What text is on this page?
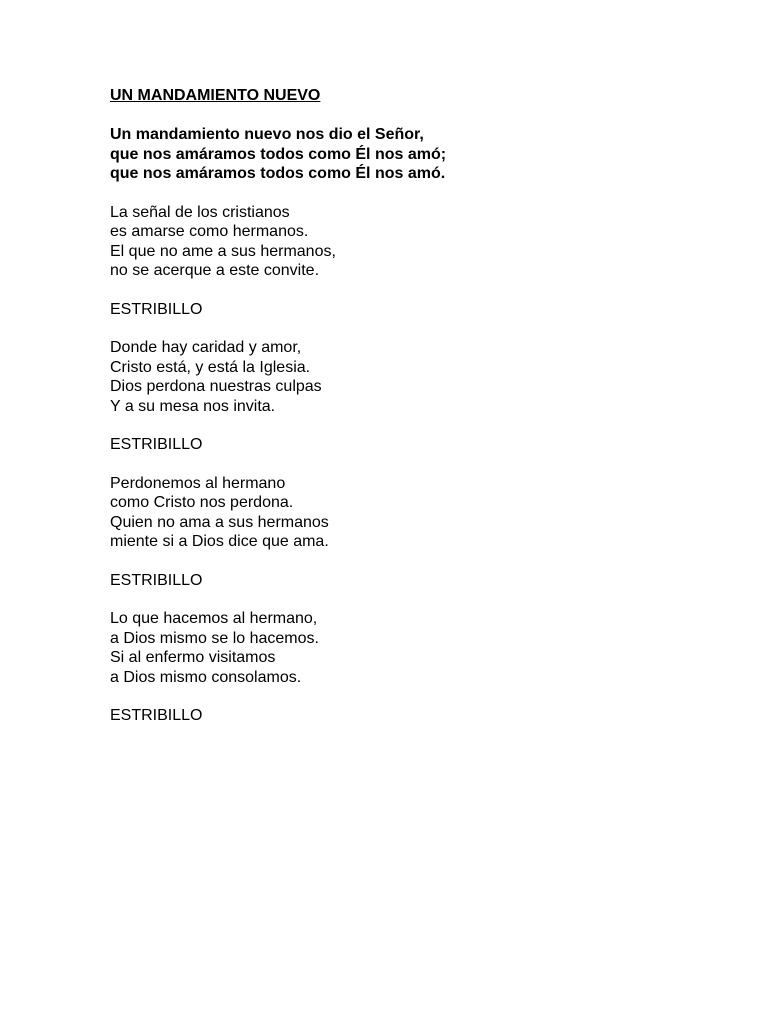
UN MANDAMIENTO NUEVO
Un mandamiento nuevo nos dio el Señor,
que nos amáramos todos como Él nos amó;
que nos amáramos todos como Él nos amó.
La señal de los cristianos
es amarse como hermanos.
El que no ame a sus hermanos,
no se acerque a este convite.
ESTRIBILLO
Donde hay caridad y amor,
Cristo está, y está la Iglesia.
Dios perdona nuestras culpas
Y a su mesa nos invita.
ESTRIBILLO
Perdonemos al hermano
como Cristo nos perdona.
Quien no ama a sus hermanos
miente si a Dios dice que ama.
ESTRIBILLO
Lo que hacemos al hermano,
a Dios mismo se lo hacemos.
Si al enfermo visitamos
a Dios mismo consolamos.
ESTRIBILLO
